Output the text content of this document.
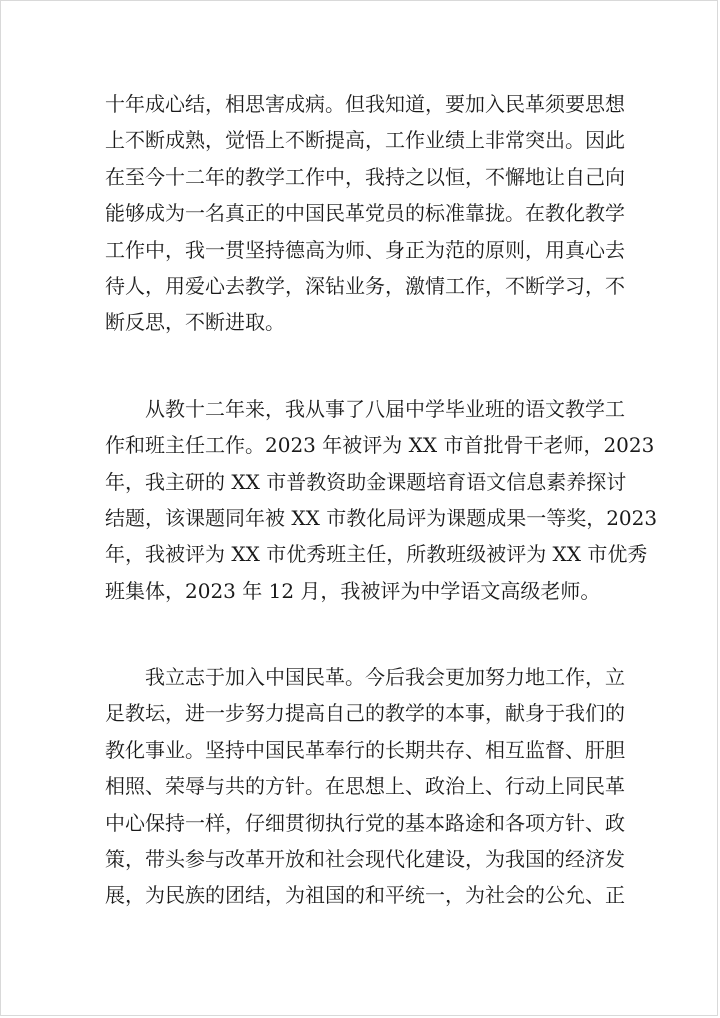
十年成心结，相思害成病。但我知道，要加入民革须要思想
上不断成熟，觉悟上不断提高，工作业绩上非常突出。因此
在至今十二年的教学工作中，我持之以恒，不懈地让自己向
能够成为一名真正的中国民革党员的标准靠拢。在教化教学
工作中，我一贯坚持德高为师、身正为范的原则，用真心去
待人，用爱心去教学，深钻业务，激情工作，不断学习，不
断反思，不断进取。
从教十二年来，我从事了八届中学毕业班的语文教学工
作和班主任工作。2023 年被评为 XX 市首批骨干老师，2023
年，我主研的 XX 市普教资助金课题培育语文信息素养探讨
结题，该课题同年被 XX 市教化局评为课题成果一等奖，2023
年，我被评为 XX 市优秀班主任，所教班级被评为 XX 市优秀
班集体，2023 年 12 月，我被评为中学语文高级老师。
我立志于加入中国民革。今后我会更加努力地工作，立
足教坛，进一步努力提高自己的教学的本事，献身于我们的
教化事业。坚持中国民革奉行的长期共存、相互监督、肝胆
相照、荣辱与共的方针。在思想上、政治上、行动上同民革
中心保持一样，仔细贯彻执行党的基本路途和各项方针、政
策，带头参与改革开放和社会现代化建设，为我国的经济发
展，为民族的团结，为祖国的和平统一，为社会的公允、正
